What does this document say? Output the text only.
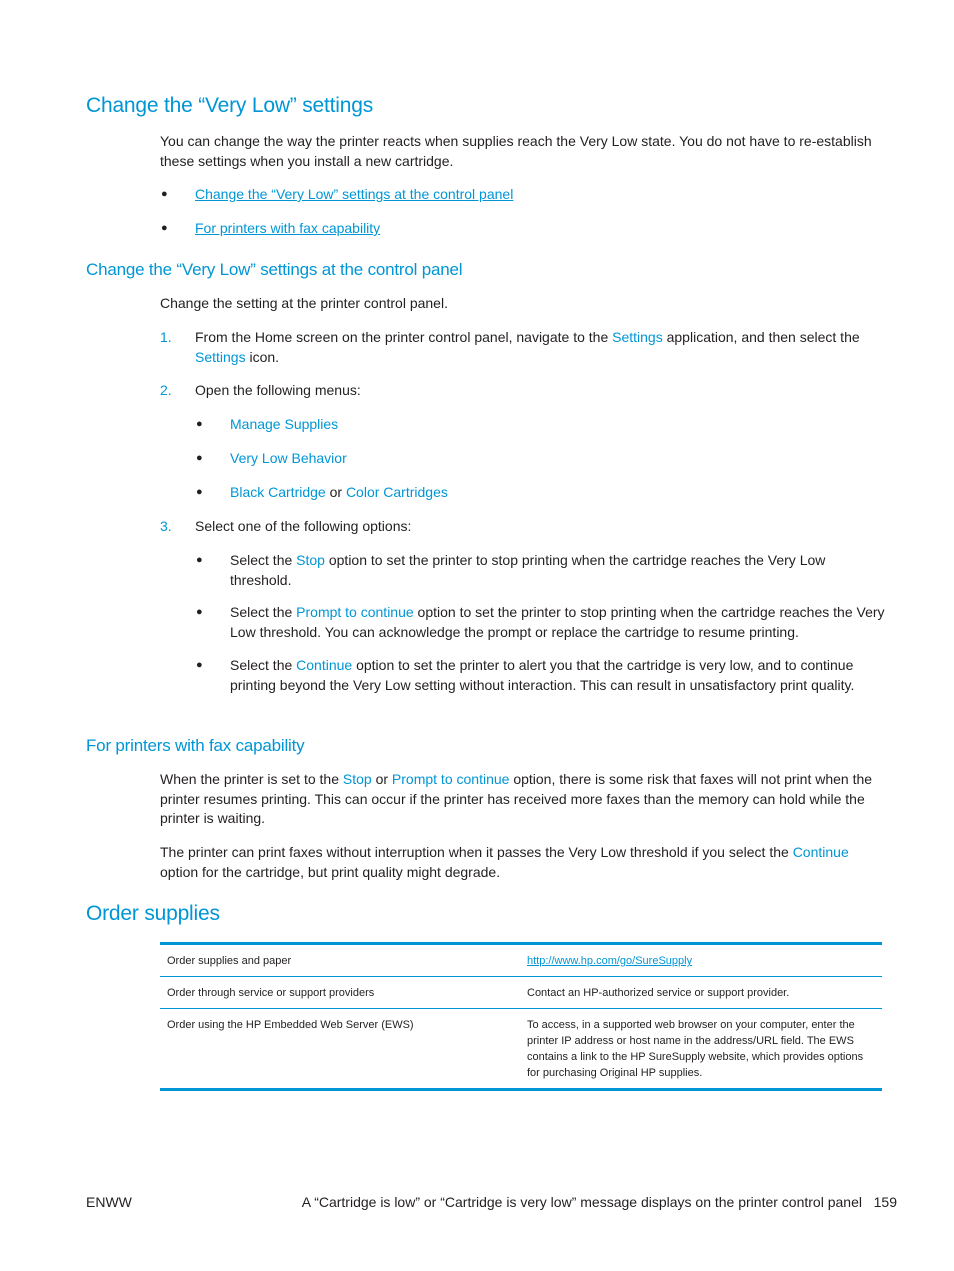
Change the “Very Low” settings

You can change the way the printer reacts when supplies reach the Very Low state. You do not have to re-establish these settings when you install a new cartridge.

● Change the “Very Low” settings at the control panel
● For printers with fax capability
Change the “Very Low” settings at the control panel

Change the setting at the printer control panel.

1. From the Home screen on the printer control panel, navigate to the Settings application, and then select the Settings icon.

2. Open the following menus:

● Manage Supplies
● Very Low Behavior
● Black Cartridge or Color Cartridges
3. Select one of the following options:

● Select the Stop option to set the printer to stop printing when the cartridge reaches the Very Low threshold.

● Select the Prompt to continue option to set the printer to stop printing when the cartridge reaches the Very Low threshold. You can acknowledge the prompt or replace the cartridge to resume printing.

● Select the Continue option to set the printer to alert you that the cartridge is very low, and to continue printing beyond the Very Low setting without interaction. This can result in unsatisfactory print quality.

For printers with fax capability

When the printer is set to the Stop or Prompt to continue option, there is some risk that faxes will not print when the printer resumes printing. This can occur if the printer has received more faxes than the memory can hold while the printer is waiting.

The printer can print faxes without interruption when it passes the Very Low threshold if you select the Continue option for the cartridge, but print quality might degrade.

Order supplies
Order supplies and paper	http://www.hp.com/go/SureSupply
Order through service or support providers	Contact an HP-authorized service or support provider.
Order using the HP Embedded Web Server (EWS)	To access, in a supported web browser on your computer, enter the printer IP address or host name in the address/URL field. The EWS contains a link to the HP SureSupply website, which provides options for purchasing Original HP supplies.
ENWW	A “Cartridge is low” or “Cartridge is very low” message displays on the printer control panel 159
